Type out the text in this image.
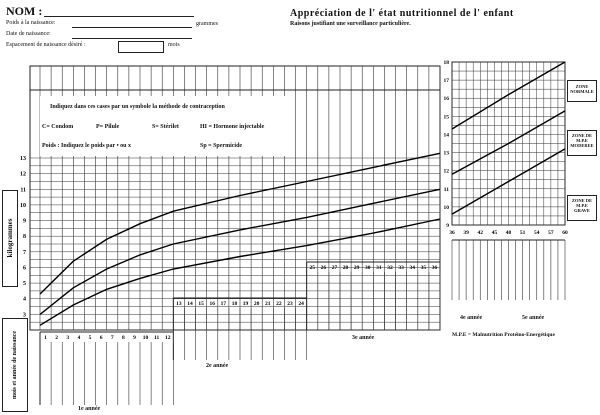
NOM :
Poids à la naissance:	grammes
Date de naissance:
Espacement de naissance désiré :	mois
Appréciation de l' état nutritionnel de l' enfant
Raisons justifiant une surveillance particulière.
3
4
5
6
7
8
9
10
11
12
13
1 2 3 4 5 6 7 8 9 10 11 12
13 14 15 16 17 18 19 20 21 22 23 24
25 26 27 28 29 30 31 32 33 34 35 36
9
10
11
12
13
14
15
16
17
18
36 39 42 45 48 51 54 57 60
Indiquez dans ces cases par un symbole la méthode de contraception
C= Condom	P= Pilule	S= Stérilet	HI = Hormone injectable
Poids : Indiquez le poids par • ou x	Sp = Spermicide
kilogrammes
mois et année de naissance
ZONE NORMALE
ZONE DE M.P.E MODEREE
ZONE DE M.P.E GRAVE
1e année
2e année
3e année
4e année	5e année
M.P.E = Malnutrition Protéino-Energétique
